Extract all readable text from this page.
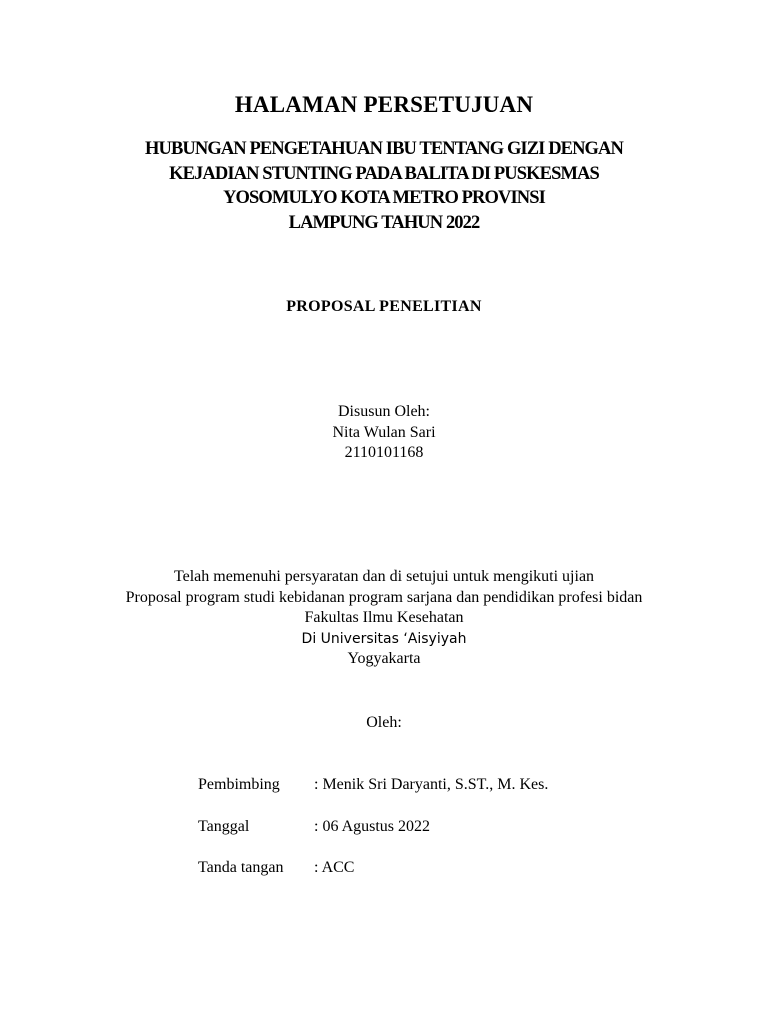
HALAMAN PERSETUJUAN
HUBUNGAN PENGETAHUAN IBU TENTANG GIZI DENGAN
KEJADIAN STUNTING PADA BALITA DI PUSKESMAS
YOSOMULYO KOTA METRO PROVINSI
LAMPUNG TAHUN 2022
PROPOSAL PENELITIAN
Disusun Oleh:
Nita Wulan Sari
2110101168
Telah memenuhi persyaratan dan di setujui untuk mengikuti ujian
Proposal program studi kebidanan program sarjana dan pendidikan profesi bidan
Fakultas Ilmu Kesehatan
Di Universitas ‘Aisyiyah
Yogyakarta
Oleh:
Pembimbing : Menik Sri Daryanti, S.ST., M. Kes.
Tanggal	: 06 Agustus 2022
Tanda tangan : ACC
